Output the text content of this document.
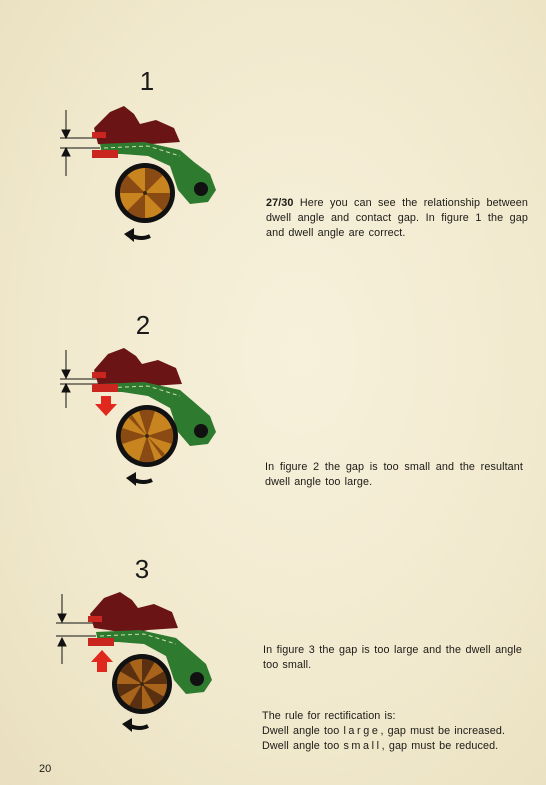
1
2
3
27/30 Here you can see the relationship between dwell angle and contact gap. In figure 1 the gap and dwell angle are correct.
In figure 2 the gap is too small and the resultant dwell angle too large.
In figure 3 the gap is too large and the dwell angle too small.
The rule for rectification is:
Dwell angle too large, gap must be increased.
Dwell angle too small, gap must be reduced.
20
